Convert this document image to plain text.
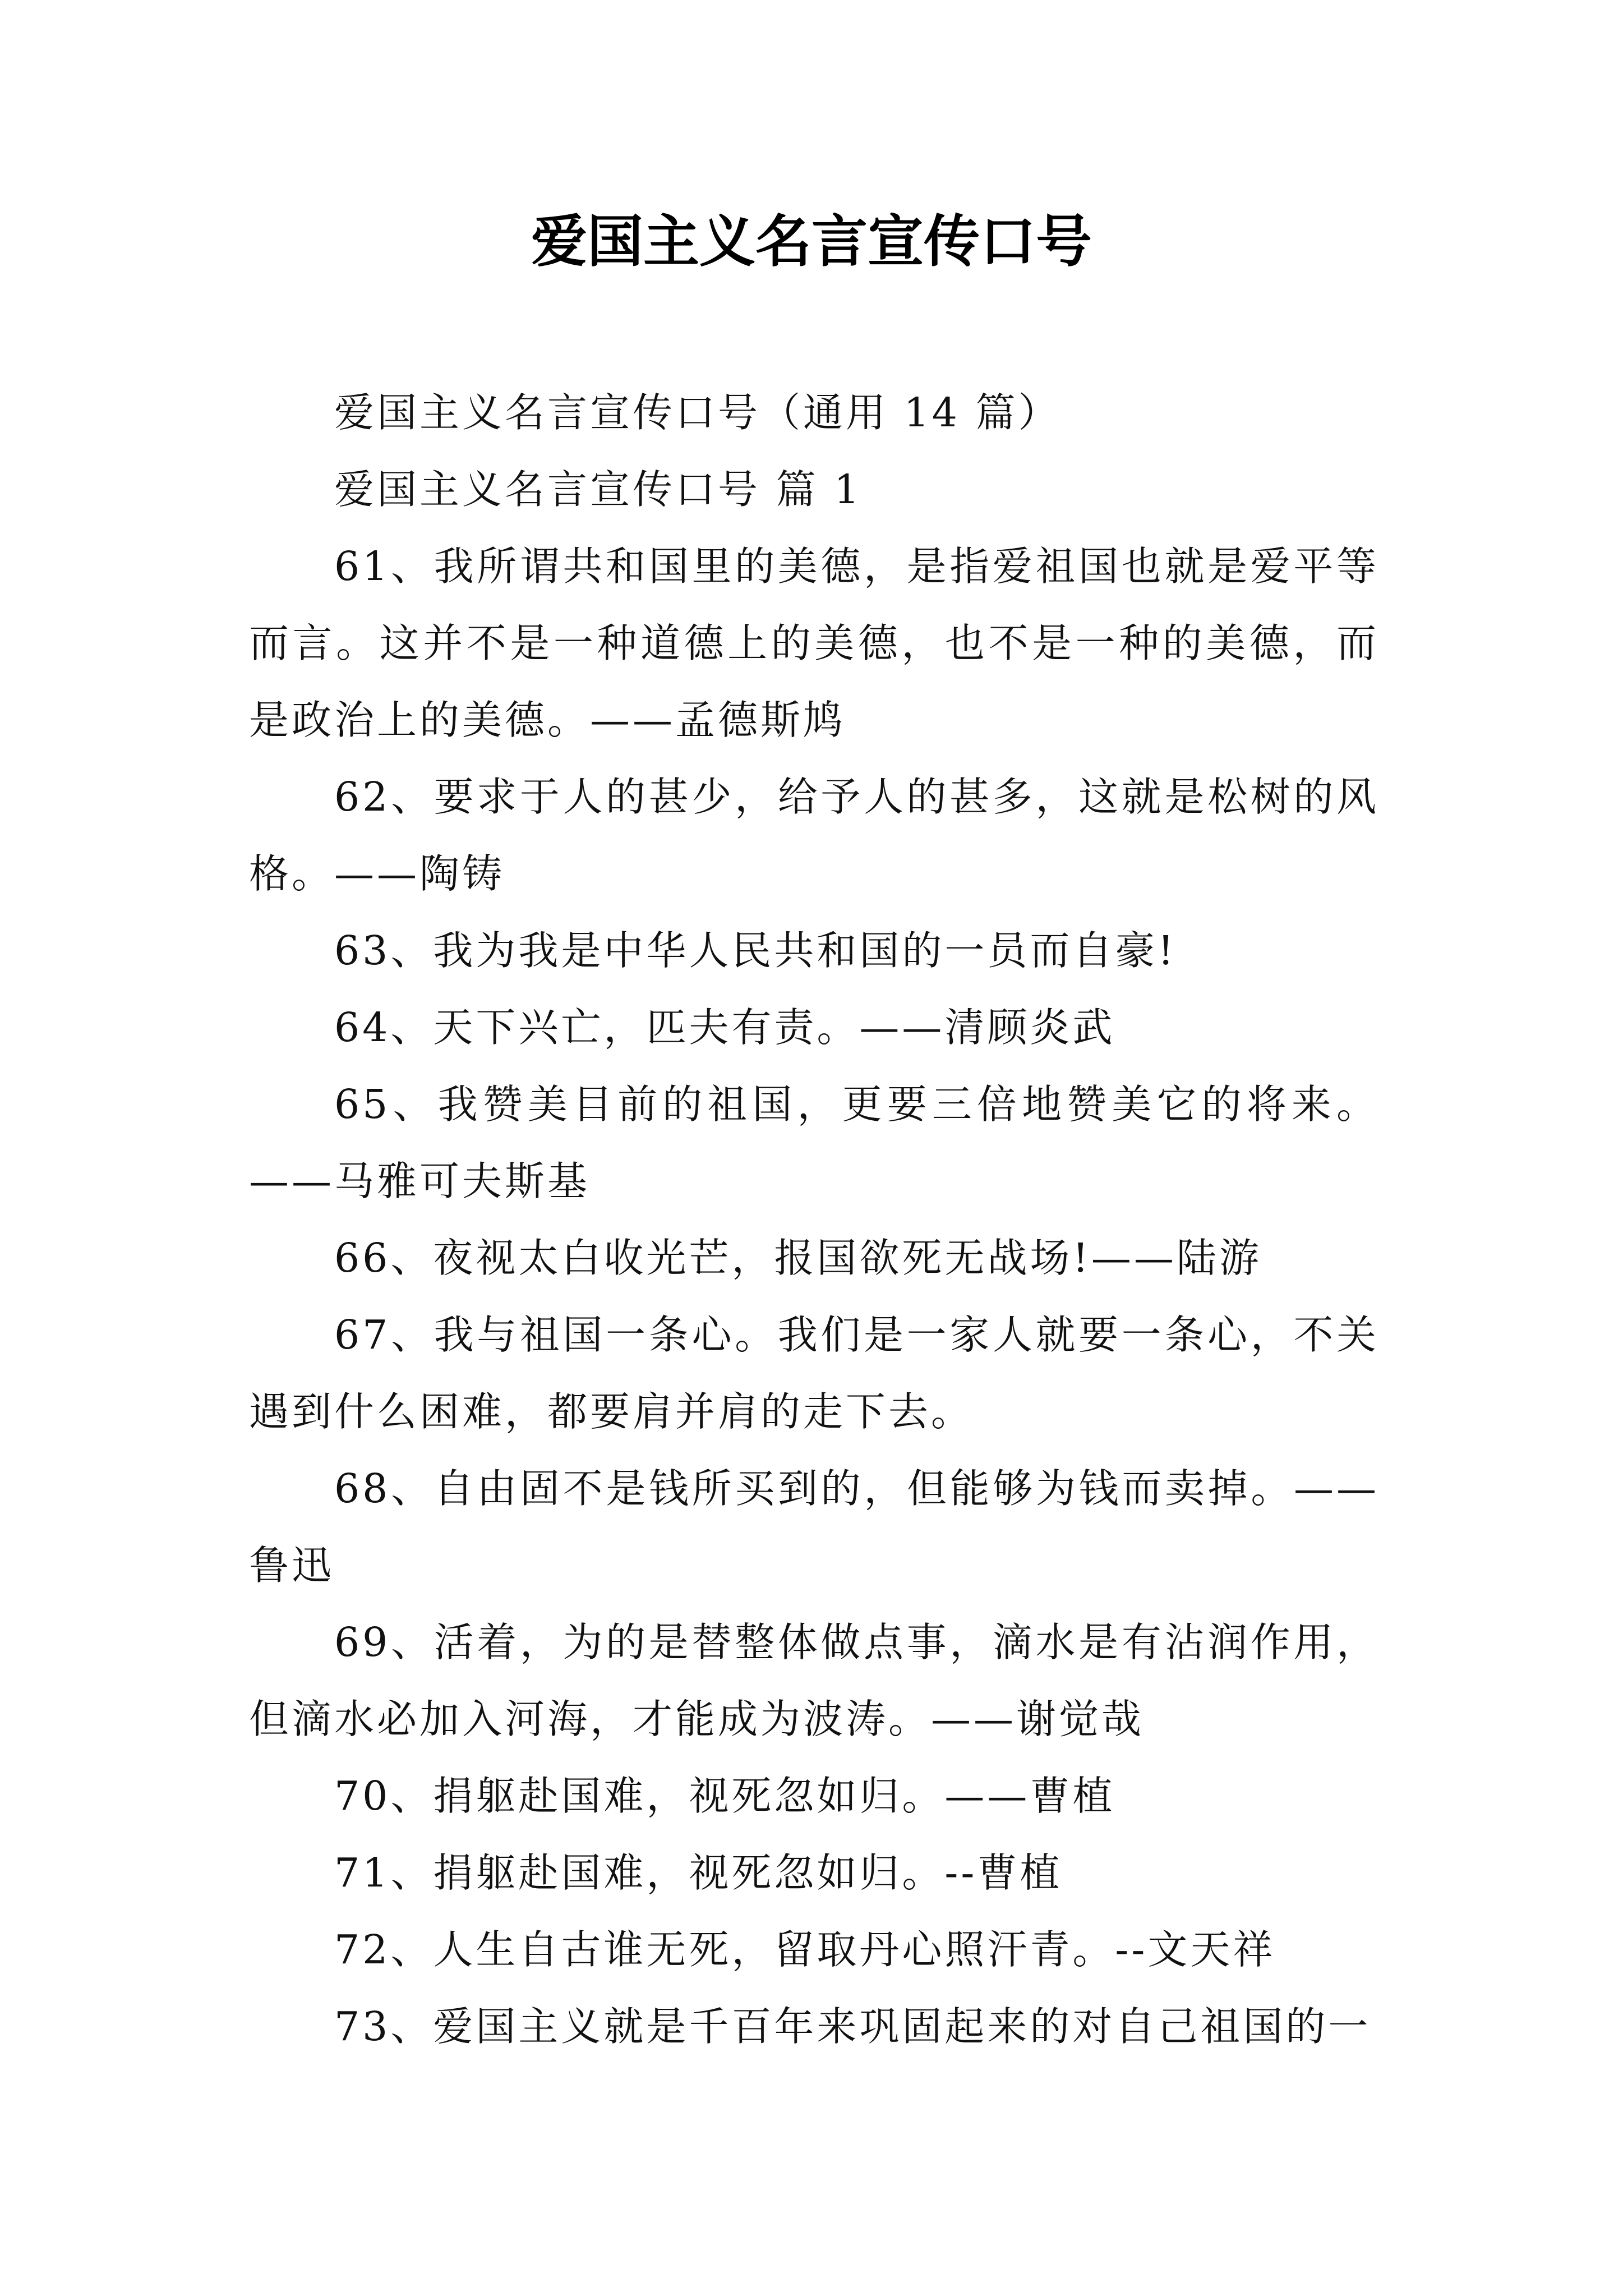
爱国主义名言宣传口号

爱国主义名言宣传口号（通用 14 篇）

爱国主义名言宣传口号 篇 1

61、我所谓共和国里的美德，是指爱祖国也就是爱平等而言。这并不是一种道德上的美德，也不是一种的美德，而是政治上的美德。——孟德斯鸠

62、要求于人的甚少，给予人的甚多，这就是松树的风格。——陶铸

63、我为我是中华人民共和国的一员而自豪!

64、天下兴亡，匹夫有责。——清顾炎武

65、我赞美目前的祖国，更要三倍地赞美它的将来。——马雅可夫斯基

66、夜视太白收光芒，报国欲死无战场!——陆游

67、我与祖国一条心。我们是一家人就要一条心，不关遇到什么困难，都要肩并肩的走下去。

68、自由固不是钱所买到的，但能够为钱而卖掉。——鲁迅

69、活着，为的是替整体做点事，滴水是有沾润作用，但滴水必加入河海，才能成为波涛。——谢觉哉

70、捐躯赴国难，视死忽如归。——曹植

71、捐躯赴国难，视死忽如归。--曹植

72、人生自古谁无死，留取丹心照汗青。--文天祥

73、爱国主义就是千百年来巩固起来的对自己祖国的一
